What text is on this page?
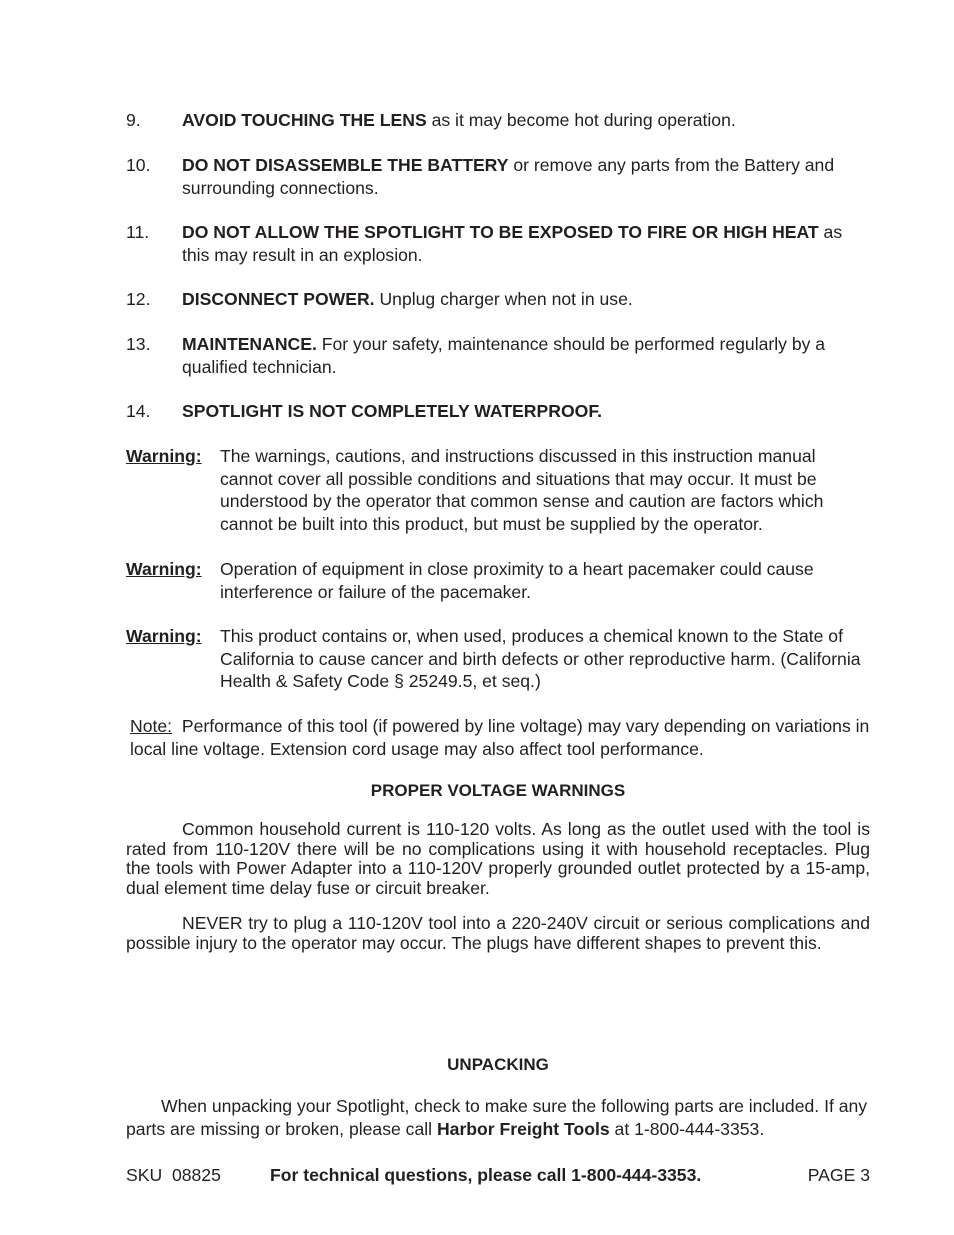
9. AVOID TOUCHING THE LENS as it may become hot during operation.
10. DO NOT DISASSEMBLE THE BATTERY or remove any parts from the Battery and surrounding connections.
11. DO NOT ALLOW THE SPOTLIGHT TO BE EXPOSED TO FIRE OR HIGH HEAT as this may result in an explosion.
12. DISCONNECT POWER. Unplug charger when not in use.
13. MAINTENANCE. For your safety, maintenance should be performed regularly by a qualified technician.
14. SPOTLIGHT IS NOT COMPLETELY WATERPROOF.
Warning: The warnings, cautions, and instructions discussed in this instruction manual cannot cover all possible conditions and situations that may occur. It must be understood by the operator that common sense and caution are factors which cannot be built into this product, but must be supplied by the operator.
Warning: Operation of equipment in close proximity to a heart pacemaker could cause interference or failure of the pacemaker.
Warning: This product contains or, when used, produces a chemical known to the State of California to cause cancer and birth defects or other reproductive harm. (California Health & Safety Code § 25249.5, et seq.)
Note:  Performance of this tool (if powered by line voltage) may vary depending on variations in local line voltage. Extension cord usage may also affect tool performance.
PROPER VOLTAGE WARNINGS
Common household current is 110-120 volts. As long as the outlet used with the tool is rated from 110-120V there will be no complications using it with household receptacles. Plug the tools with Power Adapter into a 110-120V properly grounded outlet protected by a 15-amp, dual element time delay fuse or circuit breaker.
NEVER try to plug a 110-120V tool into a 220-240V circuit or serious complications and possible injury to the operator may occur. The plugs have different shapes to prevent this.
UNPACKING
When unpacking your Spotlight, check to make sure the following parts are included. If any parts are missing or broken, please call Harbor Freight Tools at 1-800-444-3353.
SKU  08825	For technical questions, please call 1-800-444-3353.	PAGE 3
